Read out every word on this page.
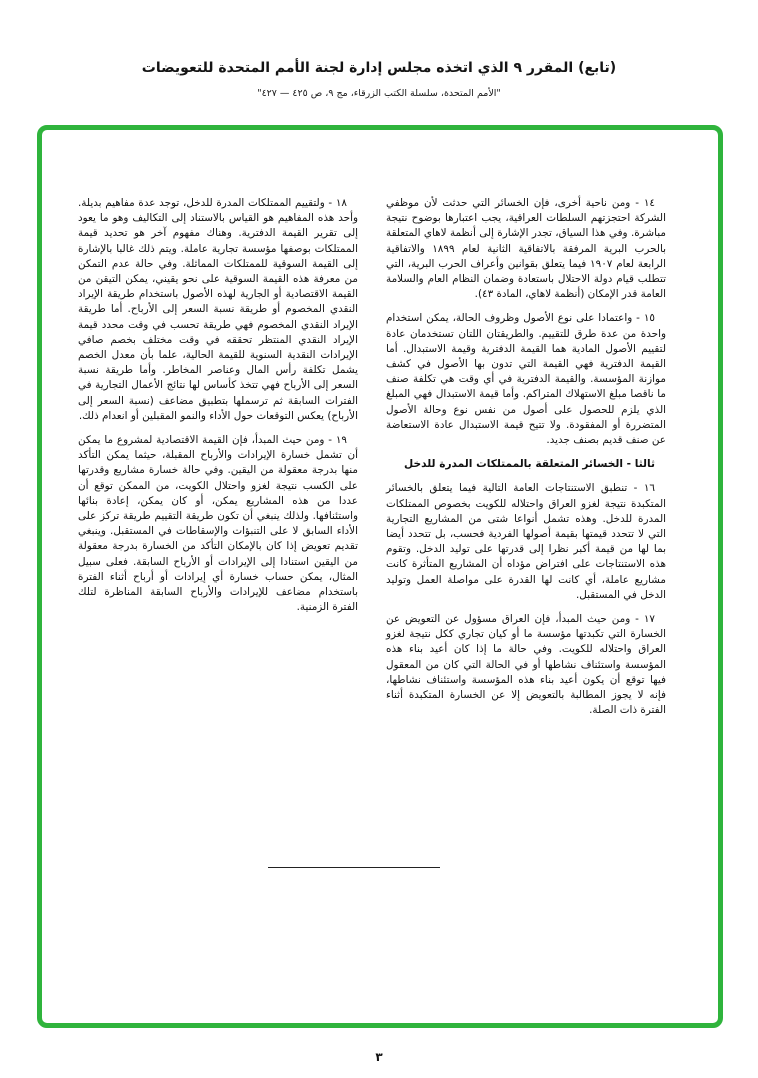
(تابع) المقرر ٩ الذي اتخذه مجلس إدارة لجنة الأمم المتحدة للتعويضات
"الأمم المتحدة، سلسلة الكتب الزرقاء، مج ٩، ص ٤٢٥ — ٤٢٧"

١٤ - ومن ناحية أخرى، فإن الخسائر التي حدثت لأن موظفي الشركة احتجزتهم السلطات العراقية، يجب اعتبارها بوضوح نتيجة مباشرة. وفي هذا السياق، تجدر الإشارة إلى أنظمة لاهاي المتعلقة بالحرب البرية المرفقة بالاتفاقية الثانية لعام ١٨٩٩ والاتفاقية الرابعة لعام ١٩٠٧ فيما يتعلق بقوانين وأعراف الحرب البرية، التي تتطلب قيام دولة الاحتلال باستعادة وضمان النظام العام والسلامة العامة قدر الإمكان (أنظمة لاهاي، المادة ٤٣).

١٥ - واعتمادا على نوع الأصول وظروف الحالة، يمكن استخدام واحدة من عدة طرق للتقييم. والطريقتان اللتان تستخدمان عادة لتقييم الأصول المادية هما القيمة الدفترية وقيمة الاستبدال. أما القيمة الدفترية فهي القيمة التي تدون بها الأصول في كشف موازنة المؤسسة. والقيمة الدفترية في أي وقت هي تكلفة صنف ما ناقصا مبلغ الاستهلاك المتراكم. وأما قيمة الاستبدال فهي المبلغ الذي يلزم للحصول على أصول من نفس نوع وحالة الأصول المتضررة أو المفقودة. ولا تتيح قيمة الاستبدال عادة الاستعاضة عن صنف قديم بصنف جديد.

ثالثا - الخسائر المتعلقة بالممتلكات المدرة للدخل

١٦ - تنطبق الاستنتاجات العامة التالية فيما يتعلق بالخسائر المتكبدة نتيجة لغزو العراق واحتلاله للكويت بخصوص الممتلكات المدرة للدخل. وهذه تشمل أنواعا شتى من المشاريع التجارية التي لا تتحدد قيمتها بقيمة أصولها الفردية فحسب، بل تتحدد أيضا بما لها من قيمة أكبر نظرا إلى قدرتها على توليد الدخل. وتقوم هذه الاستنتاجات على افتراض مؤداه أن المشاريع المتأثرة كانت مشاريع عاملة، أي كانت لها القدرة على مواصلة العمل وتوليد الدخل في المستقبل.

١٧ - ومن حيث المبدأ، فإن العراق مسؤول عن التعويض عن الخسارة التي تكبدتها مؤسسة ما أو كيان تجاري ككل نتيجة لغزو العراق واحتلاله للكويت. وفي حالة ما إذا كان أعيد بناء هذه المؤسسة واستئناف نشاطها أو في الحالة التي كان من المعقول فيها توقع أن يكون أعيد بناء هذه المؤسسة واستئناف نشاطها، فإنه لا يجوز المطالبة بالتعويض إلا عن الخسارة المتكبدة أثناء الفترة ذات الصلة.

١٨ - ولتقييم الممتلكات المدرة للدخل، توجد عدة مفاهيم بديلة. وأحد هذه المفاهيم هو القياس بالاستناد إلى التكاليف وهو ما يعود إلى تقرير القيمة الدفترية. وهناك مفهوم آخر هو تحديد قيمة الممتلكات بوصفها مؤسسة تجارية عاملة. ويتم ذلك غالبا بالإشارة إلى القيمة السوقية للممتلكات المماثلة. وفي حالة عدم التمكن من معرفة هذه القيمة السوقية على نحو يقيني، يمكن التيقن من القيمة الاقتصادية أو الجارية لهذه الأصول باستخدام طريقة الإيراد النقدي المخصوم أو طريقة نسبة السعر إلى الأرباح. أما طريقة الإيراد النقدي المخصوم فهي طريقة تحسب في وقت محدد قيمة الإيراد النقدي المنتظر تحققه في وقت مختلف بخصم صافي الإيرادات النقدية السنوية للقيمة الحالية، علما بأن معدل الخصم يشمل تكلفة رأس المال وعناصر المخاطر. وأما طريقة نسبة السعر إلى الأرباح فهي تتخذ كأساس لها نتائج الأعمال التجارية في الفترات السابقة ثم ترسملها بتطبيق مضاعف (نسبة السعر إلى الأرباح) يعكس التوقعات حول الأداء والنمو المقبلين أو انعدام ذلك.

١٩ - ومن حيث المبدأ، فإن القيمة الاقتصادية لمشروع ما يمكن أن تشمل خسارة الإيرادات والأرباح المقبلة، حيثما يمكن التأكد منها بدرجة معقولة من اليقين. وفي حالة خسارة مشاريع وقدرتها على الكسب نتيجة لغزو واحتلال الكويت، من الممكن توقع أن عددا من هذه المشاريع يمكن، أو كان يمكن، إعادة بنائها واستئنافها. ولذلك ينبغي أن تكون طريقة التقييم طريقة تركز على الأداء السابق لا على التنبؤات والإسقاطات في المستقبل. وينبغي تقديم تعويض إذا كان بالإمكان التأكد من الخسارة بدرجة معقولة من اليقين استنادا إلى الإيرادات أو الأرباح السابقة. فعلى سبيل المثال، يمكن حساب خسارة أي إيرادات أو أرباح أثناء الفترة باستخدام مضاعف للإيرادات والأرباح السابقة المناظرة لتلك الفترة الزمنية.

٣
